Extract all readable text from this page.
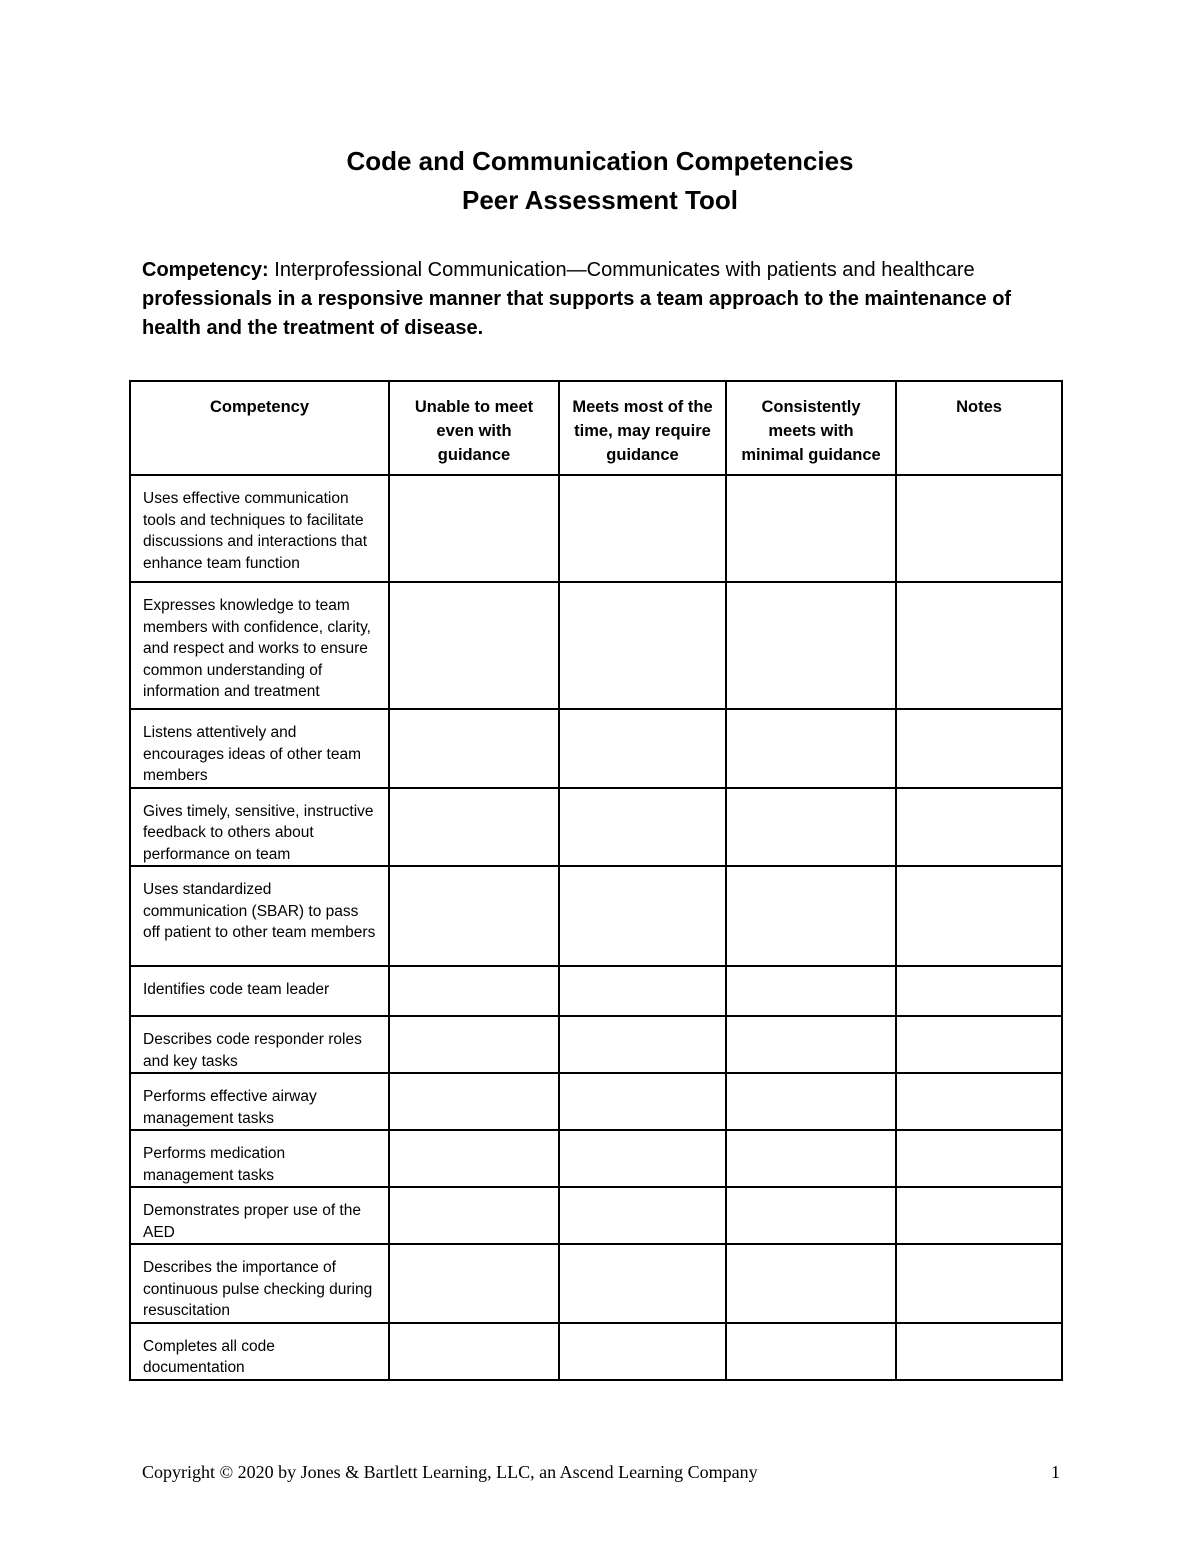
Code and Communication Competencies
Peer Assessment Tool
Competency: Interprofessional Communication—Communicates with patients and healthcare professionals in a responsive manner that supports a team approach to the maintenance of health and the treatment of disease.
Competency	Unable to meet even with guidance	Meets most of the time, may require guidance	Consistently meets with minimal guidance	Notes

Uses effective communication tools and techniques to facilitate discussions and interactions that enhance team function				
Expresses knowledge to team members with confidence, clarity, and respect and works to ensure common understanding of information and treatment				
Listens attentively and encourages ideas of other team members				
Gives timely, sensitive, instructive feedback to others about performance on team				
Uses standardized communication (SBAR) to pass off patient to other team members				
Identifies code team leader				
Describes code responder roles and key tasks				
Performs effective airway management tasks				
Performs medication management tasks				
Demonstrates proper use of the AED				
Describes the importance of continuous pulse checking during resuscitation				
Completes all code documentation				
Copyright © 2020 by Jones & Bartlett Learning, LLC, an Ascend Learning Company	1
